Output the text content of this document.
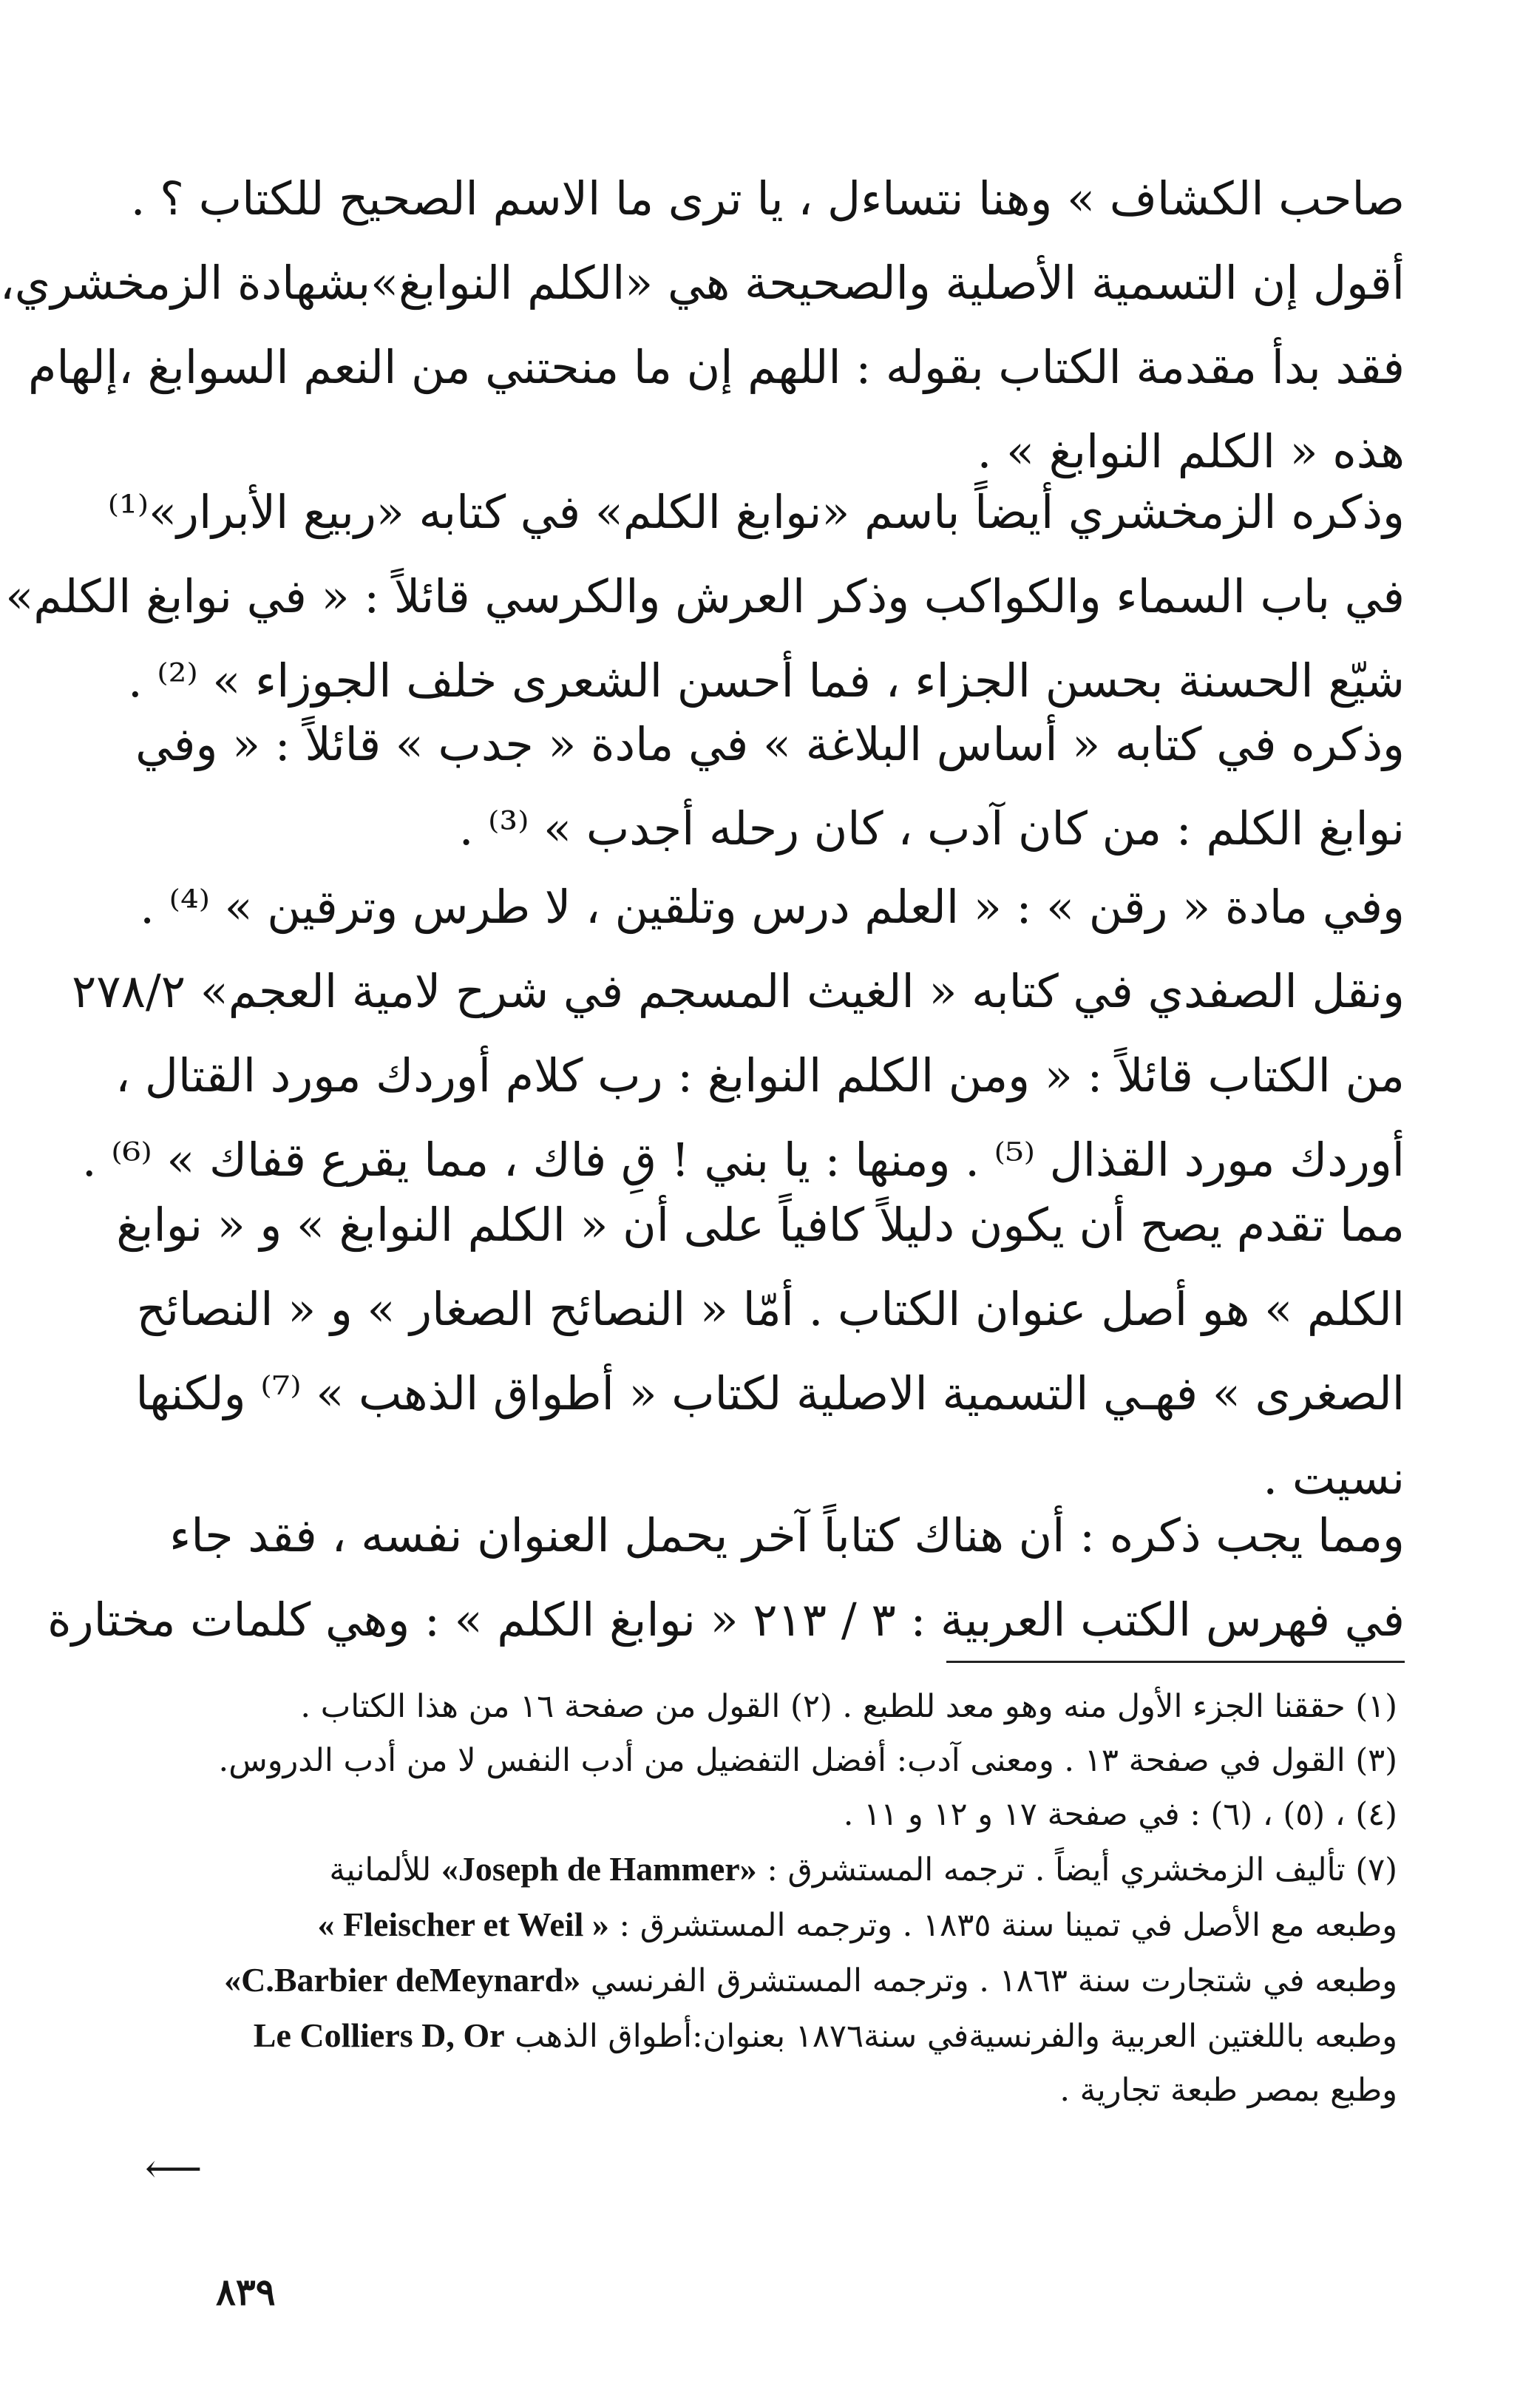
صاحب الكشاف » وهنا نتساءل ، يا ترى ما الاسم الصحيح للكتاب ؟ .
أقول إن التسمية الأصلية والصحيحة هي «الكلم النوابغ»بشهادة الزمخشري،
فقد بدأ مقدمة الكتاب بقوله : اللهم إن ما منحتني من النعم السوابغ ،إلهام
هذه « الكلم النوابغ » .
وذكره الزمخشري أيضاً باسم «نوابغ الكلم» في كتابه «ربيع الأبرار»⁽¹⁾
في باب السماء والكواكب وذكر العرش والكرسي قائلاً : « في نوابغ الكلم»
شيّع الحسنة بحسن الجزاء ، فما أحسن الشعرى خلف الجوزاء » ⁽²⁾ .
وذكره في كتابه « أساس البلاغة » في مادة « جدب » قائلاً : « وفي
نوابغ الكلم : من كان آدب ، كان رحله أجدب » ⁽³⁾ .
وفي مادة « رقن » : « العلم درس وتلقين ، لا طرس وترقين » ⁽⁴⁾ .
ونقل الصفدي في كتابه « الغيث المسجم في شرح لامية العجم» ٢٧٨/٢
من الكتاب قائلاً : « ومن الكلم النوابغ : رب كلام أوردك مورد القتال ،
أوردك مورد القذال ⁽⁵⁾ . ومنها : يا بني ! قِ فاك ، مما يقرع قفاك » ⁽⁶⁾ .
مما تقدم يصح أن يكون دليلاً كافياً على أن « الكلم النوابغ » و « نوابغ
الكلم » هو أصل عنوان الكتاب . أمّا « النصائح الصغار » و « النصائح
الصغرى » فهـي التسمية الاصلية لكتاب « أطواق الذهب » ⁽⁷⁾ ولكنها
نسيت .
ومما يجب ذكره : أن هناك كتاباً آخر يحمل العنوان نفسه ، فقد جاء
في فهرس الكتب العربية : ٣ / ٢١٣ « نوابغ الكلم » : وهي كلمات مختارة
(١) حققنا الجزء الأول منه وهو معد للطبع . (٢) القول من صفحة ١٦ من هذا الكتاب .
(٣) القول في صفحة ١٣ . ومعنى آدب: أفضل التفضيل من أدب النفس لا من أدب الدروس.
(٤) ، (٥) ، (٦) : في صفحة ١٧ و ١٢ و ١١ .
(٧) تأليف الزمخشري أيضاً . ترجمه المستشرق : «Joseph de Hammer» للألمانية
وطبعه مع الأصل في تمينا سنة ١٨٣٥ . وترجمه المستشرق : « Fleischer et Weil »
وطبعه في شتجارت سنة ١٨٦٣ . وترجمه المستشرق الفرنسي «C.Barbier deMeynard»
وطبعه باللغتين العربية والفرنسيةفي سنة١٨٧٦ بعنوان:أطواق الذهب Le Colliers D, Or
وطبع بمصر طبعة تجارية .
⟵
٨٣٩
